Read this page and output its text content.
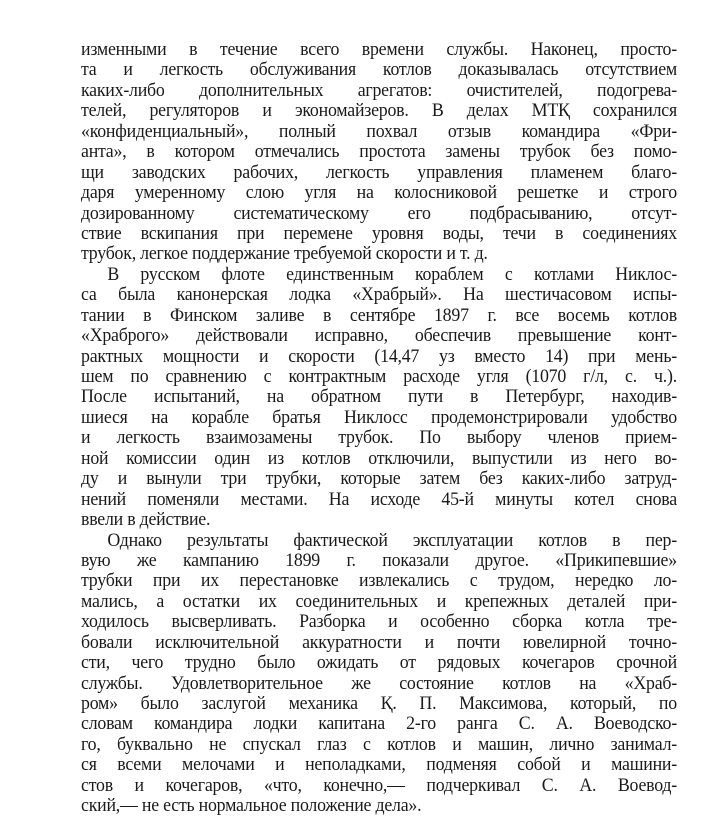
изменными в течение всего времени службы. Наконец, просто-
та и легкость обслуживания котлов доказывалась отсутствием
каких-либо дополнительных агрегатов: очистителей, подогрева-
телей, регуляторов и экономайзеров. В делах МТҚ сохранился
«конфиденциальный», полный похвал отзыв командира «Фри-
анта», в котором отмечались простота замены трубок без помо-
щи заводских рабочих, легкость управления пламенем благо-
даря умеренному слою угля на колосниковой решетке и строго
дозированному систематическому его подбрасыванию, отсут-
ствие вскипания при перемене уровня воды, течи в соединениях
трубок, легкое поддержание требуемой скорости и т. д.
В русском флоте единственным кораблем с котлами Никлос-
са была канонерская лодка «Храбрый». На шестичасовом испы-
тании в Финском заливе в сентябре 1897 г. все восемь котлов
«Храброго» действовали исправно, обеспечив превышение конт-
рактных мощности и скорости (14,47 уз вместо 14) при мень-
шем по сравнению с контрактным расходе угля (1070 г/л, с. ч.).
После испытаний, на обратном пути в Петербург, находив-
шиеся на корабле братья Никлосс продемонстрировали удобство
и легкость взаимозамены трубок. По выбору членов прием-
ной комиссии один из котлов отключили, выпустили из него во-
ду и вынули три трубки, которые затем без каких-либо затруд-
нений поменяли местами. На исходе 45-й минуты котел снова
ввели в действие.
Однако результаты фактической эксплуатации котлов в пер-
вую же кампанию 1899 г. показали другое. «Прикипевшие»
трубки при их перестановке извлекались с трудом, нередко ло-
мались, а остатки их соединительных и крепежных деталей при-
ходилось высверливать. Разборка и особенно сборка котла тре-
бовали исключительной аккуратности и почти ювелирной точно-
сти, чего трудно было ожидать от рядовых кочегаров срочной
службы. Удовлетворительное же состояние котлов на «Храб-
ром» было заслугой механика Қ. П. Максимова, который, по
словам командира лодки капитана 2-го ранга С. А. Воеводско-
го, буквально не спускал глаз с котлов и машин, лично занимал-
ся всеми мелочами и неполадками, подменяя собой и машини-
стов и кочегаров, «что, конечно,— подчеркивал С. А. Воевод-
ский,— не есть нормальное положение дела».
